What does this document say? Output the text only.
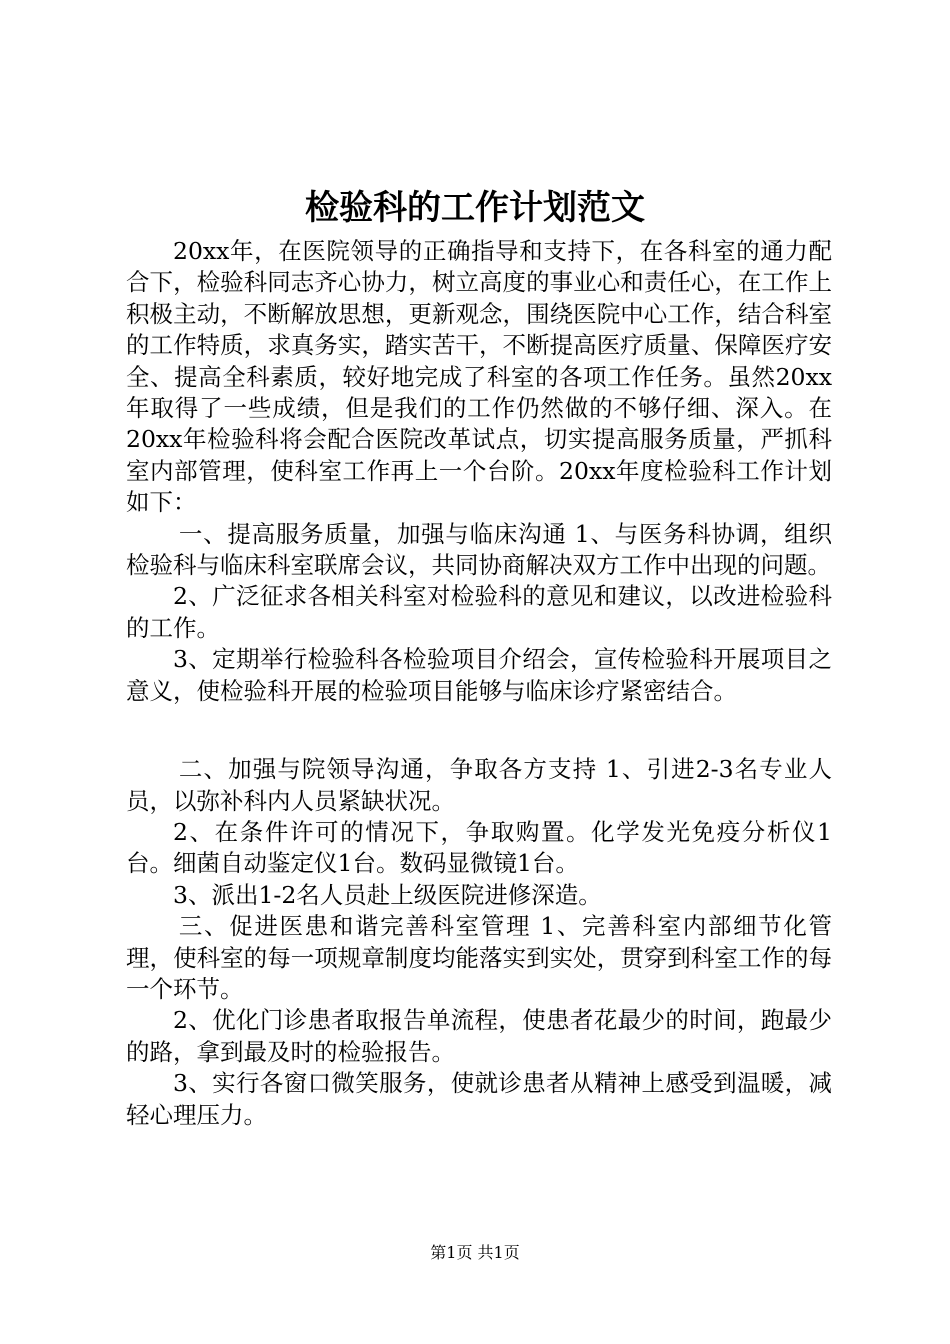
检验科的工作计划范文

20xx年，在医院领导的正确指导和支持下，在各科室的通力配合下，检验科同志齐心协力，树立高度的事业心和责任心，在工作上积极主动，不断解放思想，更新观念，围绕医院中心工作，结合科室的工作特质，求真务实，踏实苦干，不断提高医疗质量、保障医疗安全、提高全科素质，较好地完成了科室的各项工作任务。虽然20xx年取得了一些成绩，但是我们的工作仍然做的不够仔细、深入。在20xx年检验科将会配合医院改革试点，切实提高服务质量，严抓科室内部管理，使科室工作再上一个台阶。20xx年度检验科工作计划如下：

一、提高服务质量，加强与临床沟通 1、与医务科协调，组织检验科与临床科室联席会议，共同协商解决双方工作中出现的问题。

2、广泛征求各相关科室对检验科的意见和建议，以改进检验科的工作。

3、定期举行检验科各检验项目介绍会，宣传检验科开展项目之意义，使检验科开展的检验项目能够与临床诊疗紧密结合。

二、加强与院领导沟通，争取各方支持 1、引进2-3名专业人员，以弥补科内人员紧缺状况。

2、在条件许可的情况下，争取购置。化学发光免疫分析仪1台。细菌自动鉴定仪1台。数码显微镜1台。

3、派出1-2名人员赴上级医院进修深造。

三、促进医患和谐完善科室管理 1、完善科室内部细节化管理，使科室的每一项规章制度均能落实到实处，贯穿到科室工作的每一个环节。

2、优化门诊患者取报告单流程，使患者花最少的时间，跑最少的路，拿到最及时的检验报告。

3、实行各窗口微笑服务，使就诊患者从精神上感受到温暖，减轻心理压力。

第1页 共1页
